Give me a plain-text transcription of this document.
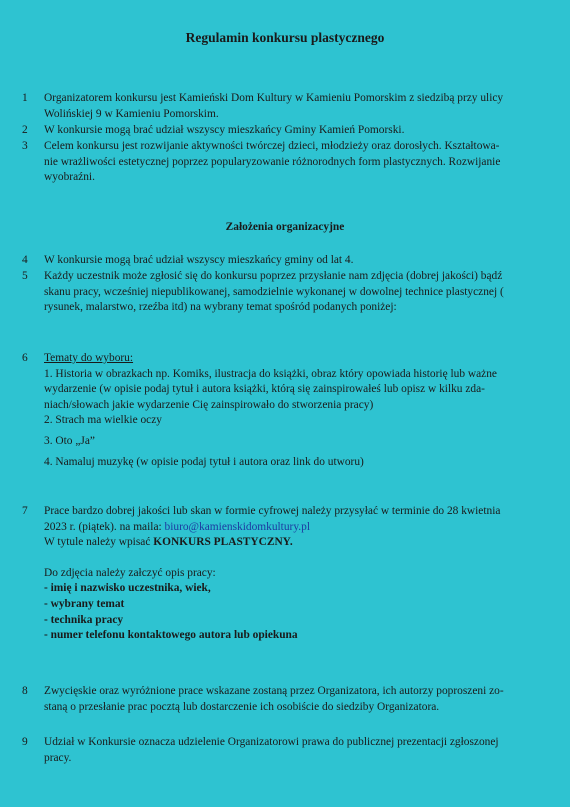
Regulamin konkursu plastycznego
1	Organizatorem konkursu jest Kamieński Dom Kultury w Kamieniu Pomorskim z siedzibą przy ulicy
Wolińskiej 9 w Kamieniu Pomorskim.
2	W konkursie mogą brać udział wszyscy mieszkańcy Gminy Kamień Pomorski.
3	Celem konkursu jest rozwijanie aktywności twórczej dzieci, młodzieży oraz dorosłych. Kształtowa-
nie wrażliwości estetycznej poprzez popularyzowanie różnorodnych form plastycznych. Rozwijanie
wyobraźni.
Założenia organizacyjne
4	W konkursie mogą brać udział wszyscy mieszkańcy gminy od lat 4.
5	Każdy uczestnik może zgłosić się do konkursu poprzez przysłanie nam zdjęcia (dobrej jakości) bądź
skanu pracy, wcześniej niepublikowanej, samodzielnie wykonanej w dowolnej technice plastycznej (
rysunek, malarstwo, rzeźba itd) na wybrany temat spośród podanych poniżej:
6	Tematy do wyboru:
1. Historia w obrazkach np. Komiks, ilustracja do książki, obraz który opowiada historię lub ważne
wydarzenie (w opisie podaj tytuł i autora książki, którą się zainspirowałeś lub opisz w kilku zda-
niach/słowach jakie wydarzenie Cię zainspirowało do stworzenia pracy)
2. Strach ma wielkie oczy
3. Oto „Ja”
4. Namaluj muzykę (w opisie podaj tytuł i autora oraz link do utworu)
7	Prace bardzo dobrej jakości lub skan w formie cyfrowej należy przysyłać w terminie do 28 kwietnia
2023 r. (piątek). na maila: biuro@kamienskidomkultury.pl
W tytule należy wpisać KONKURS PLASTYCZNY.
Do zdjęcia należy załczyć opis pracy:
- imię i nazwisko uczestnika, wiek,
- wybrany temat
- technika pracy
- numer telefonu kontaktowego autora lub opiekuna
8	Zwycięskie oraz wyróżnione prace wskazane zostaną przez Organizatora, ich autorzy poproszeni zo-
staną o przesłanie prac pocztą lub dostarczenie ich osobiście do siedziby Organizatora.
9	Udział w Konkursie oznacza udzielenie Organizatorowi prawa do publicznej prezentacji zgłoszonej
pracy.
